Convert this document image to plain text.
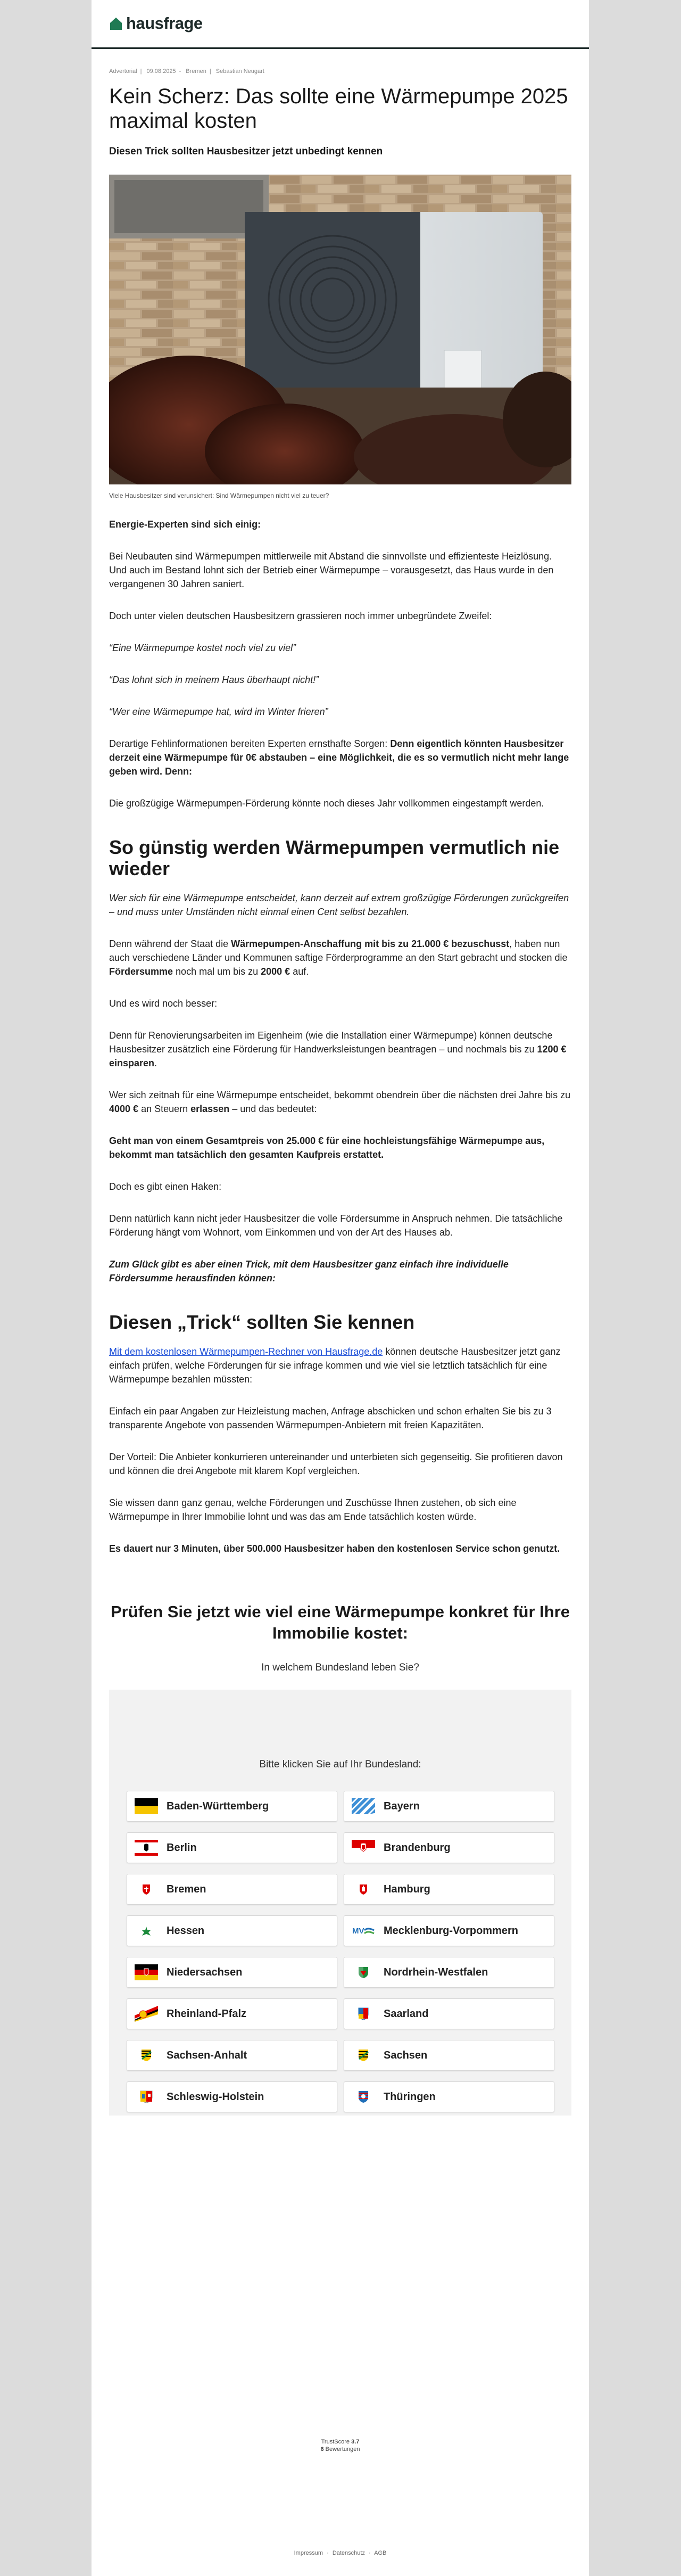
hausfrage
Advertorial | 09.08.2025 - Bremen | Sebastian Neugart
Kein Scherz: Das sollte eine Wärmepumpe 2025 maximal kosten
Diesen Trick sollten Hausbesitzer jetzt unbedingt kennen
Viele Hausbesitzer sind verunsichert: Sind Wärmepumpen nicht viel zu teuer?

Energie-Experten sind sich einig:

Bei Neubauten sind Wärmepumpen mittlerweile mit Abstand die sinnvollste und effizienteste Heizlösung. Und auch im Bestand lohnt sich der Betrieb einer Wärmepumpe – vorausgesetzt, das Haus wurde in den vergangenen 30 Jahren saniert.

Doch unter vielen deutschen Hausbesitzern grassieren noch immer unbegründete Zweifel:

“Eine Wärmepumpe kostet noch viel zu viel”

“Das lohnt sich in meinem Haus überhaupt nicht!”

“Wer eine Wärmepumpe hat, wird im Winter frieren”

Derartige Fehlinformationen bereiten Experten ernsthafte Sorgen: Denn eigentlich könnten Hausbesitzer derzeit eine Wärmepumpe für 0€ abstauben – eine Möglichkeit, die es so vermutlich nicht mehr lange geben wird. Denn:

Die großzügige Wärmepumpen-Förderung könnte noch dieses Jahr vollkommen eingestampft werden.

So günstig werden Wärmepumpen vermutlich nie wieder

Wer sich für eine Wärmepumpe entscheidet, kann derzeit auf extrem großzügige Förderungen zurückgreifen – und muss unter Umständen nicht einmal einen Cent selbst bezahlen.

Denn während der Staat die Wärmepumpen-Anschaffung mit bis zu 21.000 € bezuschusst, haben nun auch verschiedene Länder und Kommunen saftige Förderprogramme an den Start gebracht und stocken die Fördersumme noch mal um bis zu 2000 € auf.

Und es wird noch besser:

Denn für Renovierungsarbeiten im Eigenheim (wie die Installation einer Wärmepumpe) können deutsche Hausbesitzer zusätzlich eine Förderung für Handwerksleistungen beantragen – und nochmals bis zu 1200 € einsparen.

Wer sich zeitnah für eine Wärmepumpe entscheidet, bekommt obendrein über die nächsten drei Jahre bis zu 4000 € an Steuern erlassen – und das bedeutet:

Geht man von einem Gesamtpreis von 25.000 € für eine hochleistungsfähige Wärmepumpe aus, bekommt man tatsächlich den gesamten Kaufpreis erstattet.

Doch es gibt einen Haken:

Denn natürlich kann nicht jeder Hausbesitzer die volle Fördersumme in Anspruch nehmen. Die tatsächliche Förderung hängt vom Wohnort, vom Einkommen und von der Art des Hauses ab.

Zum Glück gibt es aber einen Trick, mit dem Hausbesitzer ganz einfach ihre individuelle Fördersumme herausfinden können:

Diesen „Trick“ sollten Sie kennen

Mit dem kostenlosen Wärmepumpen-Rechner von Hausfrage.de können deutsche Hausbesitzer jetzt ganz einfach prüfen, welche Förderungen für sie infrage kommen und wie viel sie letztlich tatsächlich für eine Wärmepumpe bezahlen müssten:

Einfach ein paar Angaben zur Heizleistung machen, Anfrage abschicken und schon erhalten Sie bis zu 3 transparente Angebote von passenden Wärmepumpen-Anbietern mit freien Kapazitäten.

Der Vorteil: Die Anbieter konkurrieren untereinander und unterbieten sich gegenseitig. Sie profitieren davon und können die drei Angebote mit klarem Kopf vergleichen.

Sie wissen dann ganz genau, welche Förderungen und Zuschüsse Ihnen zustehen, ob sich eine Wärmepumpe in Ihrer Immobilie lohnt und was das am Ende tatsächlich kosten würde.

Es dauert nur 3 Minuten, über 500.000 Hausbesitzer haben den kostenlosen Service schon genutzt.

Prüfen Sie jetzt wie viel eine Wärmepumpe konkret für Ihre Immobilie kostet:
In welchem Bundesland leben Sie?
Bitte klicken Sie auf Ihr Bundesland:
Baden-Württemberg	Bayern
Berlin	Brandenburg
Bremen	Hamburg
Hessen	MV Mecklenburg-Vorpommern
Niedersachsen	Nordrhein-Westfalen
Rheinland-Pfalz	Saarland
Sachsen-Anhalt	Sachsen
Schleswig-Holstein	Thüringen
TrustScore 3.7
6 Bewertungen
Impressum · Datenschutz · AGB
